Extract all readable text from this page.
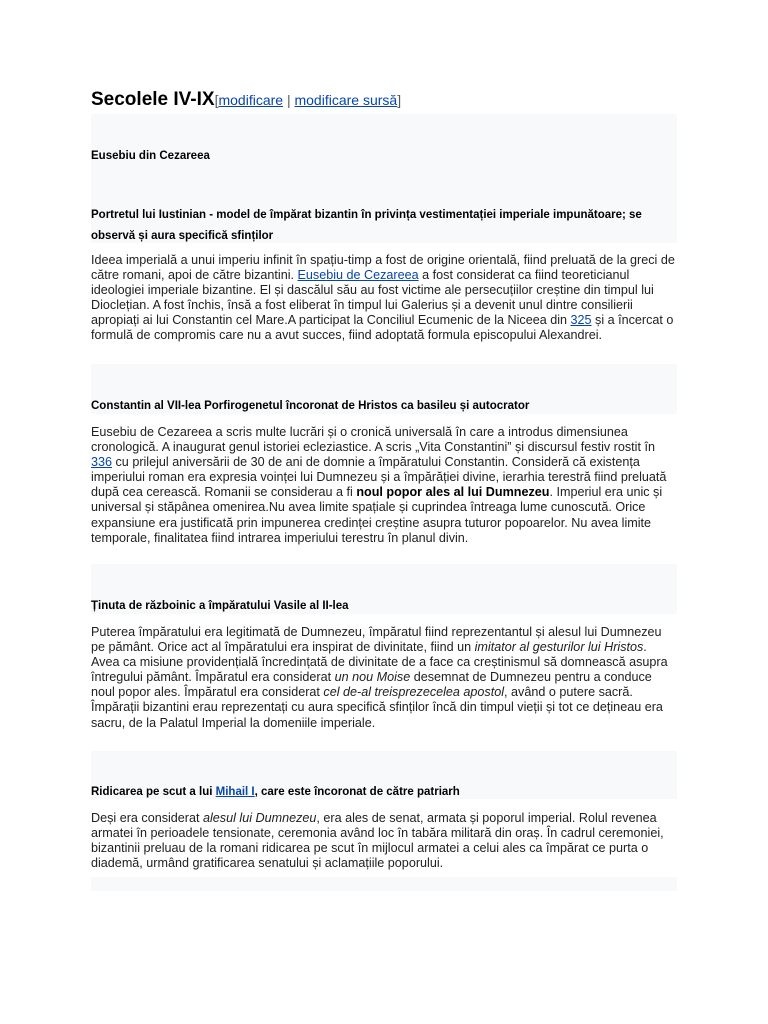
Secolele IV-IX[modificare | modificare sursă]
Eusebiu din Cezareea
Portretul lui Iustinian - model de împărat bizantin în privința vestimentației imperiale impunătoare; se observă și aura specifică sfinților

Ideea imperială a unui imperiu infinit în spațiu-timp a fost de origine orientală, fiind preluată de la greci de către romani, apoi de către bizantini. Eusebiu de Cezareea a fost considerat ca fiind teoreticianul ideologiei imperiale bizantine. El și dascălul său au fost victime ale persecuțiilor creștine din timpul lui Dioclețian. A fost închis, însă a fost eliberat în timpul lui Galerius și a devenit unul dintre consilierii apropiați ai lui Constantin cel Mare.A participat la Conciliul Ecumenic de la Niceea din 325 și a încercat o formulă de compromis care nu a avut succes, fiind adoptată formula episcopului Alexandrei.

Constantin al VII-lea Porfirogenetul încoronat de Hristos ca basileu și autocrator

Eusebiu de Cezareea a scris multe lucrări și o cronică universală în care a introdus dimensiunea cronologică. A inaugurat genul istoriei ecleziastice. A scris „Vita Constantini” și discursul festiv rostit în 336 cu prilejul aniversării de 30 de ani de domnie a împăratului Constantin. Consideră că existența imperiului roman era expresia voinței lui Dumnezeu și a împărăției divine, ierarhia terestră fiind preluată după cea cerească. Romanii se considerau a fi noul popor ales al lui Dumnezeu. Imperiul era unic și universal și stăpânea omenirea.Nu avea limite spațiale și cuprindea întreaga lume cunoscută. Orice expansiune era justificată prin impunerea credinței creștine asupra tuturor popoarelor. Nu avea limite temporale, finalitatea fiind intrarea imperiului terestru în planul divin.

Ținuta de războinic a împăratului Vasile al II-lea

Puterea împăratului era legitimată de Dumnezeu, împăratul fiind reprezentantul și alesul lui Dumnezeu pe pământ. Orice act al împăratului era inspirat de divinitate, fiind un imitator al gesturilor lui Hristos. Avea ca misiune providențială încredințată de divinitate de a face ca creștinismul să domnească asupra întregului pământ. Împăratul era considerat un nou Moise desemnat de Dumnezeu pentru a conduce noul popor ales. Împăratul era considerat cel de-al treisprezecelea apostol, având o putere sacră. Împărații bizantini erau reprezentați cu aura specifică sfinților încă din timpul vieții și tot ce dețineau era sacru, de la Palatul Imperial la domeniile imperiale.

Ridicarea pe scut a lui Mihail I, care este încoronat de către patriarh

Deși era considerat alesul lui Dumnezeu, era ales de senat, armata și poporul imperial. Rolul revenea armatei în perioadele tensionate, ceremonia având loc în tabăra militară din oraș. În cadrul ceremoniei, bizantinii preluau de la romani ridicarea pe scut în mijlocul armatei a celui ales ca împărat ce purta o diademă, urmând gratificarea senatului și aclamațiile poporului.
